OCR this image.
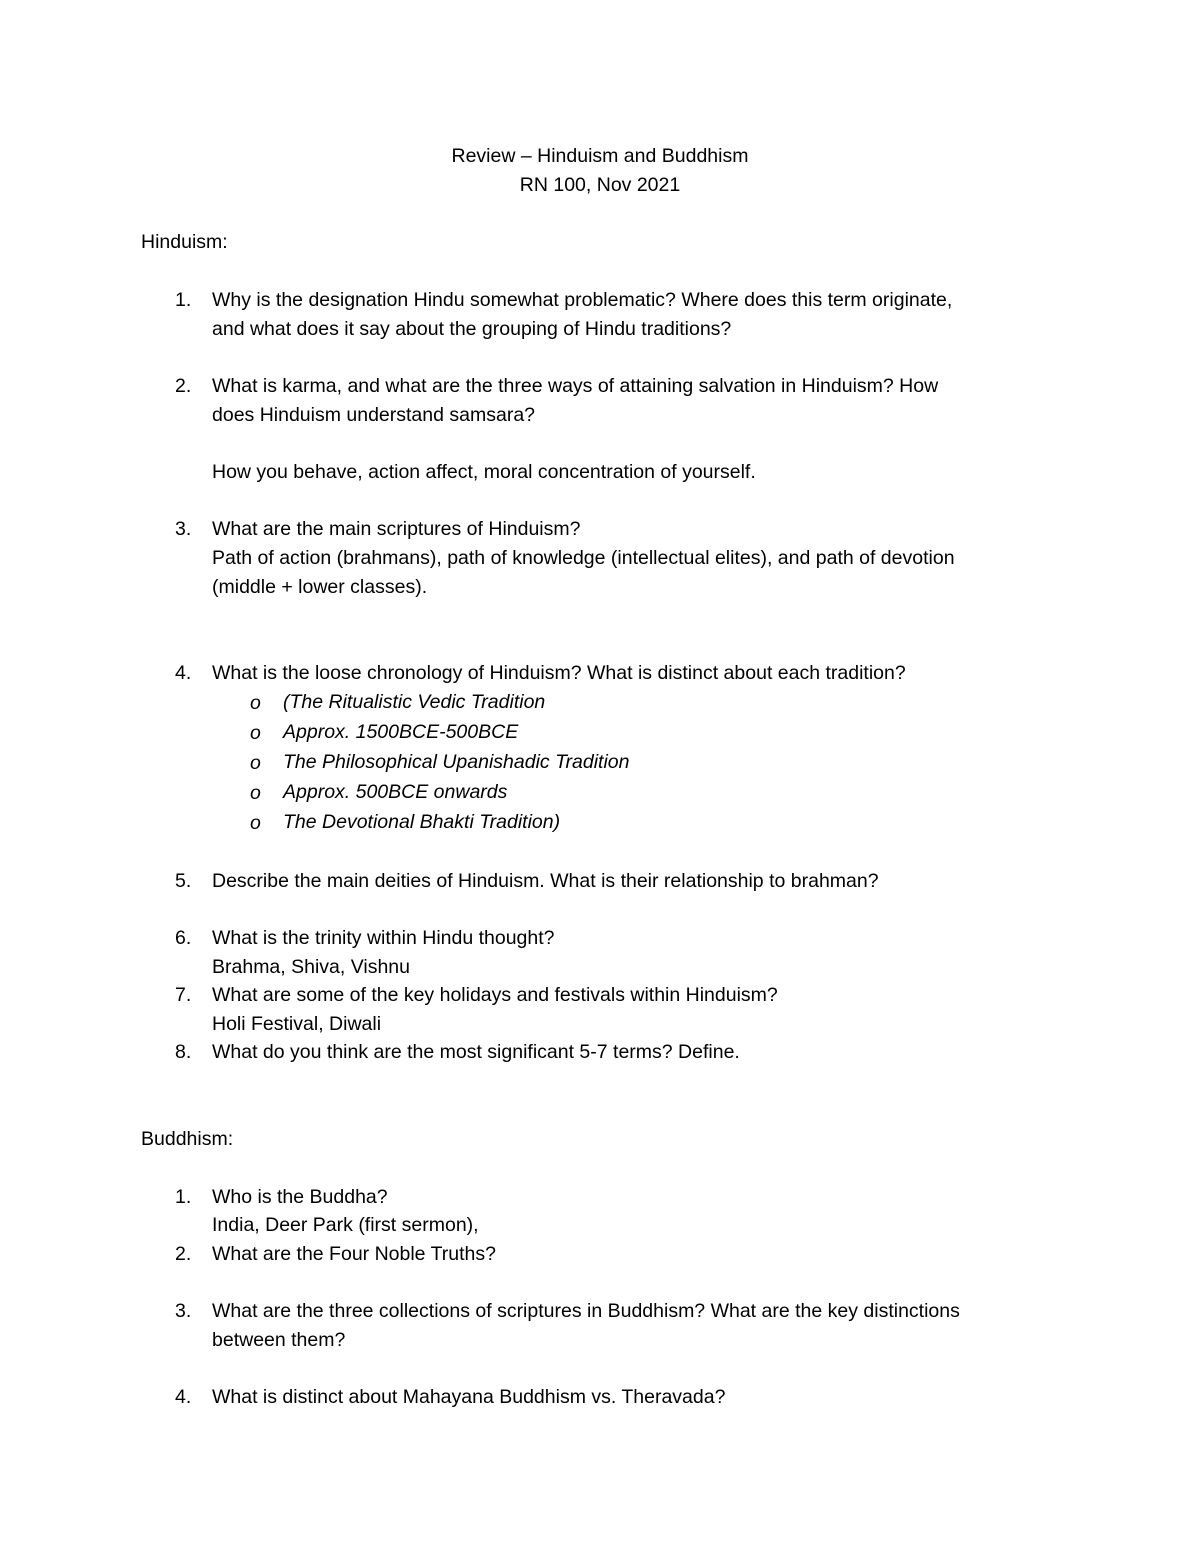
Review – Hinduism and Buddhism
RN 100, Nov 2021
Hinduism:
1. Why is the designation Hindu somewhat problematic? Where does this term originate,
and what does it say about the grouping of Hindu traditions?
2. What is karma, and what are the three ways of attaining salvation in Hinduism? How
does Hinduism understand samsara?
How you behave, action affect, moral concentration of yourself.
3. What are the main scriptures of Hinduism?
Path of action (brahmans), path of knowledge (intellectual elites), and path of devotion
(middle + lower classes).
4. What is the loose chronology of Hinduism? What is distinct about each tradition?
o (The Ritualistic Vedic Tradition
o Approx. 1500BCE-500BCE
o The Philosophical Upanishadic Tradition
o Approx. 500BCE onwards
o The Devotional Bhakti Tradition)
5. Describe the main deities of Hinduism. What is their relationship to brahman?
6. What is the trinity within Hindu thought?
Brahma, Shiva, Vishnu
7. What are some of the key holidays and festivals within Hinduism?
Holi Festival, Diwali
8. What do you think are the most significant 5-7 terms? Define.
Buddhism:
1. Who is the Buddha?
India, Deer Park (first sermon),
2. What are the Four Noble Truths?
3. What are the three collections of scriptures in Buddhism? What are the key distinctions
between them?
4. What is distinct about Mahayana Buddhism vs. Theravada?
